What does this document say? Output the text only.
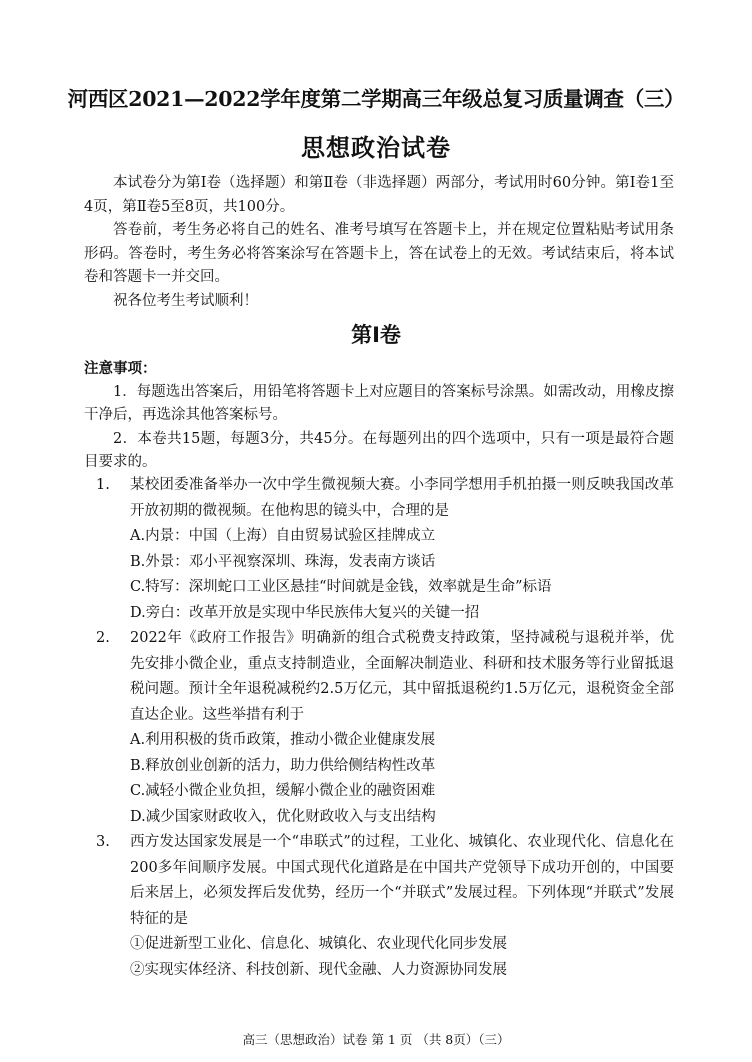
河西区2021—2022学年度第二学期高三年级总复习质量调查（三）
思想政治试卷

本试卷分为第Ⅰ卷（选择题）和第Ⅱ卷（非选择题）两部分，考试用时60分钟。第Ⅰ卷1至4页，第Ⅱ卷5至8页，共100分。

答卷前，考生务必将自己的姓名、准考号填写在答题卡上，并在规定位置粘贴考试用条形码。答卷时，考生务必将答案涂写在答题卡上，答在试卷上的无效。考试结束后，将本试卷和答题卡一并交回。

祝各位考生考试顺利！

第Ⅰ卷

注意事项：

1．每题选出答案后，用铅笔将答题卡上对应题目的答案标号涂黑。如需改动，用橡皮擦干净后，再选涂其他答案标号。

2．本卷共15题，每题3分，共45分。在每题列出的四个选项中，只有一项是最符合题目要求的。

1. 某校团委准备举办一次中学生微视频大赛。小李同学想用手机拍摄一则反映我国改革开放初期的微视频。在他构思的镜头中，合理的是

A.内景：中国（上海）自由贸易试验区挂牌成立

B.外景：邓小平视察深圳、珠海，发表南方谈话

C.特写：深圳蛇口工业区悬挂“时间就是金钱，效率就是生命”标语

D.旁白：改革开放是实现中华民族伟大复兴的关键一招

2. 2022年《政府工作报告》明确新的组合式税费支持政策，坚持减税与退税并举，优先安排小微企业，重点支持制造业，全面解决制造业、科研和技术服务等行业留抵退税问题。预计全年退税减税约2.5万亿元，其中留抵退税约1.5万亿元，退税资金全部直达企业。这些举措有利于

A.利用积极的货币政策，推动小微企业健康发展

B.释放创业创新的活力，助力供给侧结构性改革

C.减轻小微企业负担，缓解小微企业的融资困难

D.减少国家财政收入，优化财政收入与支出结构

3. 西方发达国家发展是一个“串联式”的过程，工业化、城镇化、农业现代化、信息化在200多年间顺序发展。中国式现代化道路是在中国共产党领导下成功开创的，中国要后来居上，必须发挥后发优势，经历一个“并联式”发展过程。下列体现“并联式”发展特征的是

①促进新型工业化、信息化、城镇化、农业现代化同步发展

②实现实体经济、科技创新、现代金融、人力资源协同发展

高三（思想政治）试卷 第 1 页 （共 8页）（三）
